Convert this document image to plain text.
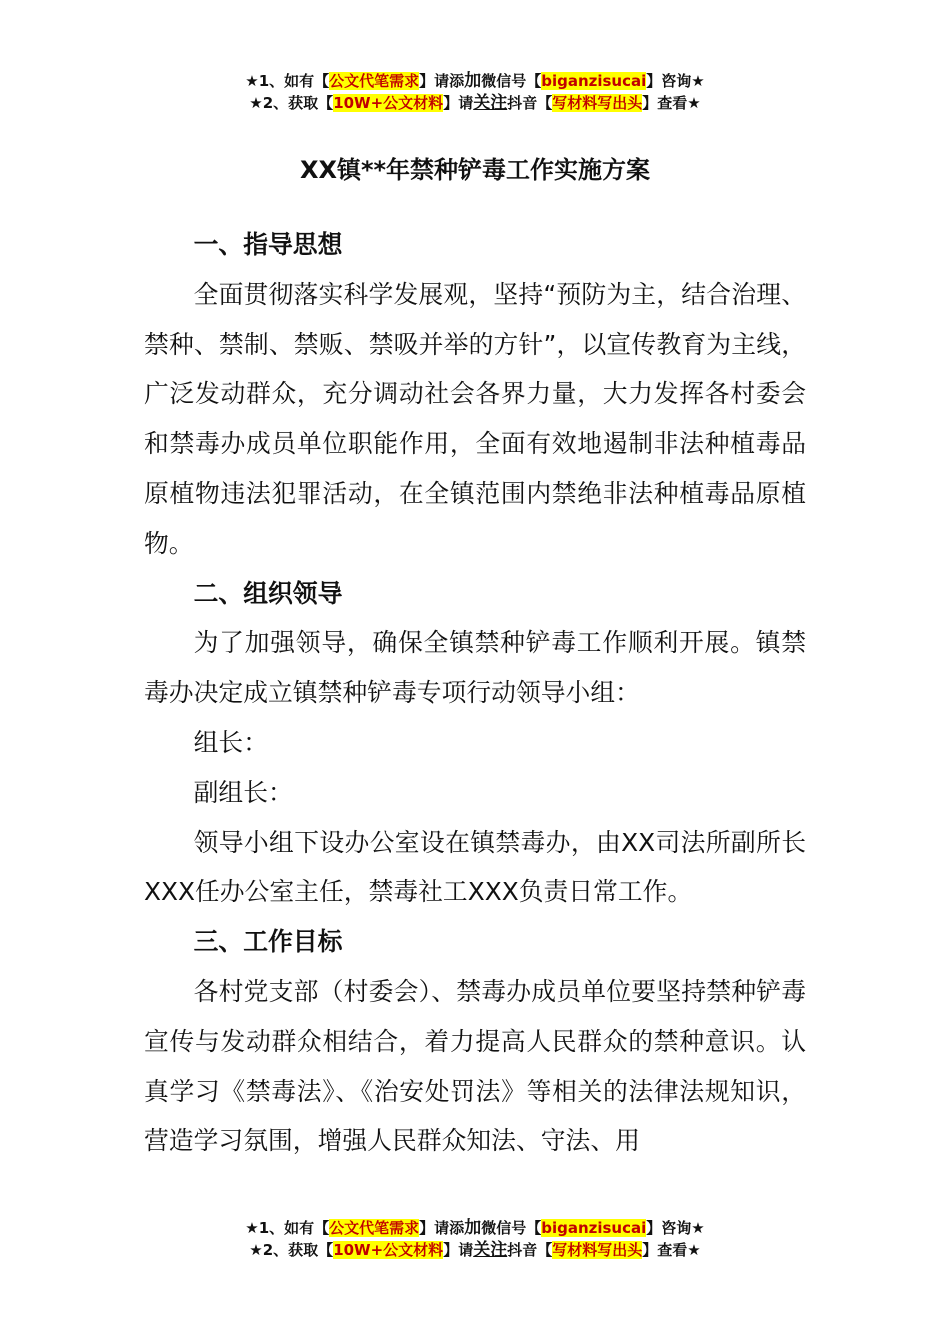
★1、如有【公文代笔需求】请添加微信号【biganzisucai】咨询★
★2、获取【10W+公文材料】请关注抖音【写材料写出头】查看★
XX镇**年禁种铲毒工作实施方案
一、指导思想

全面贯彻落实科学发展观，坚持“预防为主，结合治理、禁种、禁制、禁贩、禁吸并举的方针”，以宣传教育为主线，广泛发动群众，充分调动社会各界力量，大力发挥各村委会和禁毒办成员单位职能作用，全面有效地遏制非法种植毒品原植物违法犯罪活动，在全镇范围内禁绝非法种植毒品原植物。

二、组织领导

为了加强领导，确保全镇禁种铲毒工作顺利开展。镇禁毒办决定成立镇禁种铲毒专项行动领导小组：

组长：

副组长：

领导小组下设办公室设在镇禁毒办，由XX司法所副所长XXX任办公室主任，禁毒社工XXX负责日常工作。

三、工作目标

各村党支部（村委会）、禁毒办成员单位要坚持禁种铲毒宣传与发动群众相结合，着力提高人民群众的禁种意识。认真学习《禁毒法》、《治安处罚法》等相关的法律法规知识，营造学习氛围，增强人民群众知法、守法、用

★1、如有【公文代笔需求】请添加微信号【biganzisucai】咨询★
★2、获取【10W+公文材料】请关注抖音【写材料写出头】查看★
